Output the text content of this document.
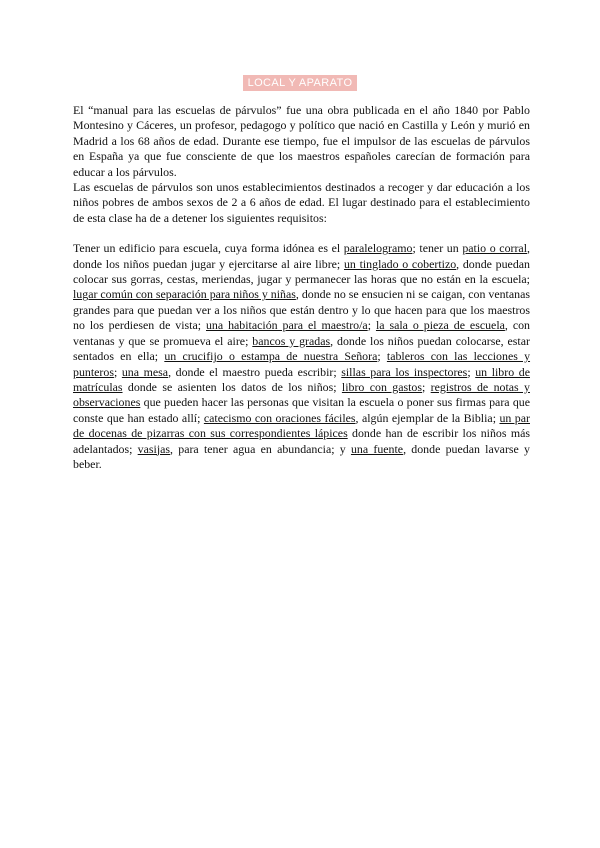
LOCAL Y APARATO

El “manual para las escuelas de párvulos” fue una obra publicada en el año 1840 por Pablo Montesino y Cáceres, un profesor, pedagogo y político que nació en Castilla y León y murió en Madrid a los 68 años de edad. Durante ese tiempo, fue el impulsor de las escuelas de párvulos en España ya que fue consciente de que los maestros españoles carecían de formación para educar a los párvulos.

Las escuelas de párvulos son unos establecimientos destinados a recoger y dar educación a los niños pobres de ambos sexos de 2 a 6 años de edad. El lugar destinado para el establecimiento de esta clase ha de a detener los siguientes requisitos:

Tener un edificio para escuela, cuya forma idónea es el paralelogramo; tener un patio o corral, donde los niños puedan jugar y ejercitarse al aire libre; un tinglado o cobertizo, donde puedan colocar sus gorras, cestas, meriendas, jugar y permanecer las horas que no están en la escuela; lugar común con separación para niños y niñas, donde no se ensucien ni se caigan, con ventanas grandes para que puedan ver a los niños que están dentro y lo que hacen para que los maestros no los perdiesen de vista; una habitación para el maestro/a; la sala o pieza de escuela, con ventanas y que se promueva el aire; bancos y gradas, donde los niños puedan colocarse, estar sentados en ella; un crucifijo o estampa de nuestra Señora; tableros con las lecciones y punteros; una mesa, donde el maestro pueda escribir; sillas para los inspectores; un libro de matrículas donde se asienten los datos de los niños; libro con gastos; registros de notas y observaciones que pueden hacer las personas que visitan la escuela o poner sus firmas para que conste que han estado allí; catecismo con oraciones fáciles, algún ejemplar de la Biblia; un par de docenas de pizarras con sus correspondientes lápices donde han de escribir los niños más adelantados; vasijas, para tener agua en abundancia; y una fuente, donde puedan lavarse y beber.
